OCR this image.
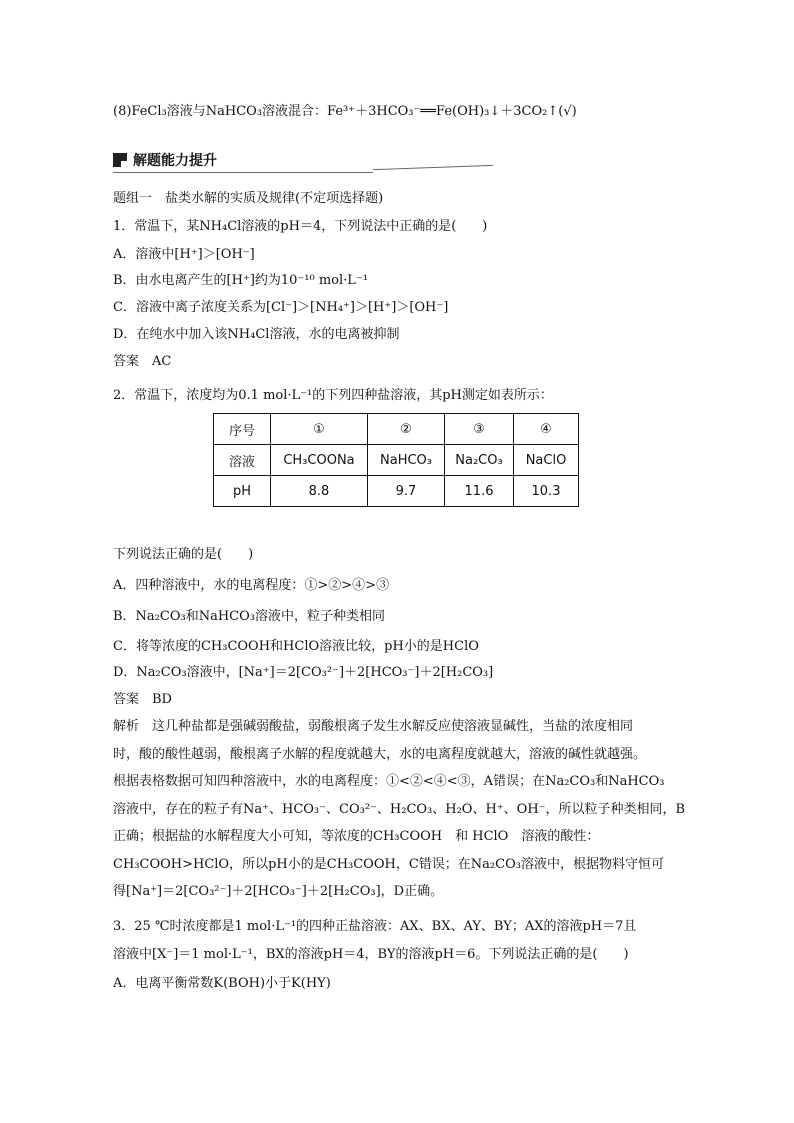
(8)FeCl₃溶液与NaHCO₃溶液混合：Fe³⁺＋3HCO₃⁻══Fe(OH)₃↓＋3CO₂↑(√)
解题能力提升
题组一　盐类水解的实质及规律(不定项选择题)
1．常温下，某NH₄Cl溶液的pH＝4，下列说法中正确的是(　　)
A．溶液中[H⁺]＞[OH⁻]
B．由水电离产生的[H⁺]约为10⁻¹⁰ mol·L⁻¹
C．溶液中离子浓度关系为[Cl⁻]＞[NH₄⁺]＞[H⁺]＞[OH⁻]
D．在纯水中加入该NH₄Cl溶液，水的电离被抑制
答案　AC
2．常温下，浓度均为0.1 mol·L⁻¹的下列四种盐溶液，其pH测定如表所示：
序号	①	②	③	④
溶液	CH₃COONa	NaHCO₃	Na₂CO₃	NaClO
pH	8.8	9.7	11.6	10.3
下列说法正确的是(　　)
A．四种溶液中，水的电离程度：①>②>④>③
B．Na₂CO₃和NaHCO₃溶液中，粒子种类相同
C．将等浓度的CH₃COOH和HClO溶液比较，pH小的是HClO
D．Na₂CO₃溶液中，[Na⁺]＝2[CO₃²⁻]＋2[HCO₃⁻]＋2[H₂CO₃]
答案　BD
解析　这几种盐都是强碱弱酸盐，弱酸根离子发生水解反应使溶液显碱性，当盐的浓度相同
时，酸的酸性越弱，酸根离子水解的程度就越大，水的电离程度就越大，溶液的碱性就越强。
根据表格数据可知四种溶液中，水的电离程度：①<②<④<③，A错误；在Na₂CO₃和NaHCO₃
溶液中，存在的粒子有Na⁺、HCO₃⁻、CO₃²⁻、H₂CO₃、H₂O、H⁺、OH⁻，所以粒子种类相同，B
正确；根据盐的水解程度大小可知，等浓度的CH₃COOH　和 HClO　溶液的酸性：
CH₃COOH>HClO，所以pH小的是CH₃COOH，C错误；在Na₂CO₃溶液中，根据物料守恒可
得[Na⁺]＝2[CO₃²⁻]＋2[HCO₃⁻]＋2[H₂CO₃]，D正确。
3．25 ℃时浓度都是1 mol·L⁻¹的四种正盐溶液：AX、BX、AY、BY；AX的溶液pH＝7且
溶液中[X⁻]＝1 mol·L⁻¹，BX的溶液pH＝4，BY的溶液pH＝6。下列说法正确的是(　　)
A．电离平衡常数K(BOH)小于K(HY)
